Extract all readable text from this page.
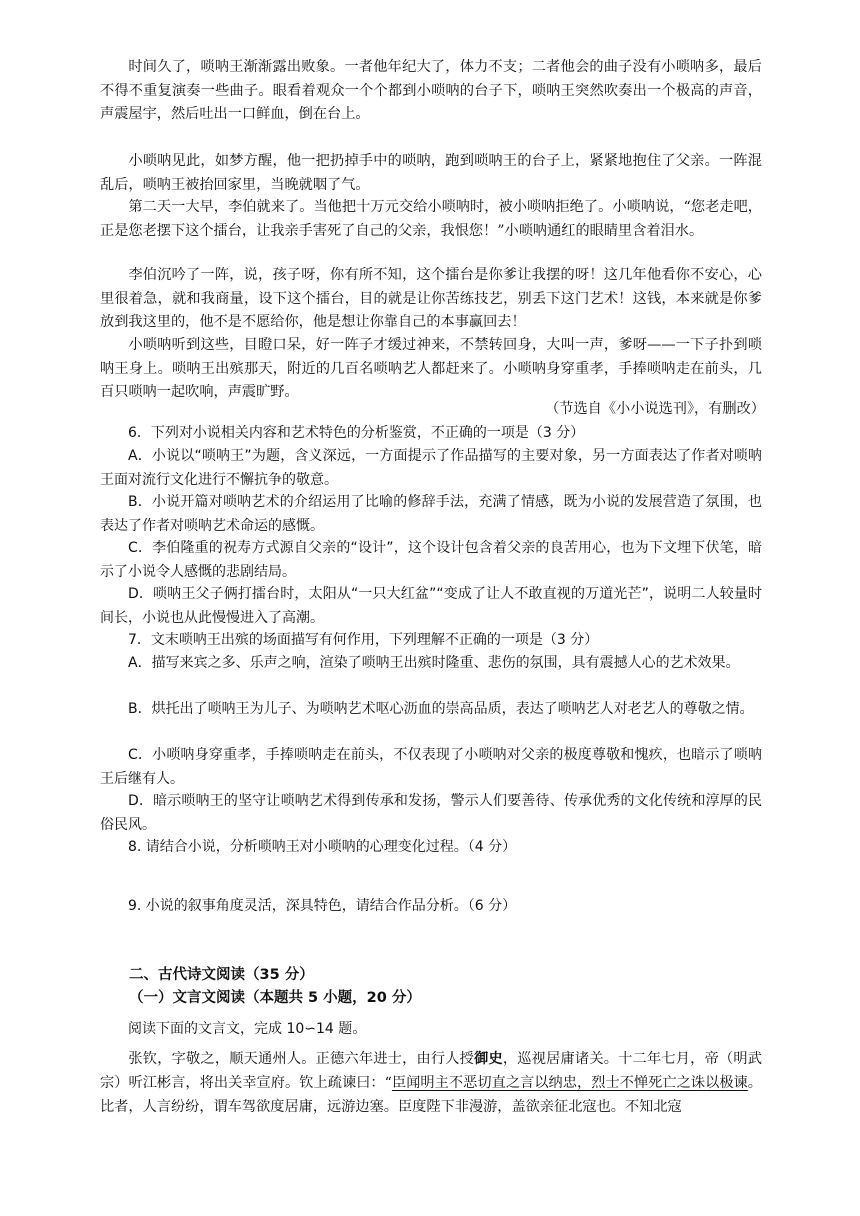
时间久了，唢呐王渐渐露出败象。一者他年纪大了，体力不支；二者他会的曲子没有小唢呐多，最后不得不重复演奏一些曲子。眼看着观众一个个都到小唢呐的台子下，唢呐王突然吹奏出一个极高的声音，声震屋宇，然后吐出一口鲜血，倒在台上。

小唢呐见此，如梦方醒，他一把扔掉手中的唢呐，跑到唢呐王的台子上，紧紧地抱住了父亲。一阵混乱后，唢呐王被抬回家里，当晚就咽了气。

第二天一大早，李伯就来了。当他把十万元交给小唢呐时，被小唢呐拒绝了。小唢呐说，“您老走吧，正是您老摆下这个擂台，让我亲手害死了自己的父亲，我恨您！”小唢呐通红的眼睛里含着泪水。

李伯沉吟了一阵，说，孩子呀，你有所不知，这个擂台是你爹让我摆的呀！这几年他看你不安心，心里很着急，就和我商量，设下这个擂台，目的就是让你苦练技艺，别丢下这门艺术！这钱，本来就是你爹放到我这里的，他不是不愿给你，他是想让你靠自己的本事赢回去！

小唢呐听到这些，目瞪口呆，好一阵子才缓过神来，不禁转回身，大叫一声，爹呀——一下子扑到唢呐王身上。唢呐王出殡那天，附近的几百名唢呐艺人都赶来了。小唢呐身穿重孝，手捧唢呐走在前头，几百只唢呐一起吹响，声震旷野。

（节选自《小小说选刊》，有删改）

6．下列对小说相关内容和艺术特色的分析鉴赏，不正确的一项是（3 分）

A．小说以“唢呐王”为题，含义深远，一方面提示了作品描写的主要对象，另一方面表达了作者对唢呐王面对流行文化进行不懈抗争的敬意。

B．小说开篇对唢呐艺术的介绍运用了比喻的修辞手法，充满了情感，既为小说的发展营造了氛围，也表达了作者对唢呐艺术命运的感慨。

C．李伯隆重的祝寿方式源自父亲的“设计”，这个设计包含着父亲的良苦用心，也为下文埋下伏笔，暗示了小说令人感慨的悲剧结局。

D．唢呐王父子俩打擂台时，太阳从“一只大红盆”“变成了让人不敢直视的万道光芒”，说明二人较量时间长，小说也从此慢慢进入了高潮。

7．文末唢呐王出殡的场面描写有何作用，下列理解不正确的一项是（3 分）

A．描写来宾之多、乐声之响，渲染了唢呐王出殡时隆重、悲伤的氛围，具有震撼人心的艺术效果。

B．烘托出了唢呐王为儿子、为唢呐艺术呕心沥血的崇高品质，表达了唢呐艺人对老艺人的尊敬之情。

C．小唢呐身穿重孝，手捧唢呐走在前头，不仅表现了小唢呐对父亲的极度尊敬和愧疚，也暗示了唢呐王后继有人。

D．暗示唢呐王的坚守让唢呐艺术得到传承和发扬，警示人们要善待、传承优秀的文化传统和淳厚的民俗民风。

8. 请结合小说，分析唢呐王对小唢呐的心理变化过程。（4 分）

9. 小说的叙事角度灵活，深具特色，请结合作品分析。（6 分）

二、古代诗文阅读（35 分）

（一）文言文阅读（本题共 5 小题，20 分）

阅读下面的文言文，完成 10∽14 题。

张钦，字敬之，顺天通州人。正德六年进士，由行人授御史，巡视居庸诸关。十二年七月，帝（明武宗）听江彬言，将出关幸宣府。钦上疏谏曰：“臣闻明主不恶切直之言以纳忠，烈士不惮死亡之诛以极谏。比者，人言纷纷，谓车驾欲度居庸，远游边塞。臣度陛下非漫游，盖欲亲征北寇也。不知北寇
